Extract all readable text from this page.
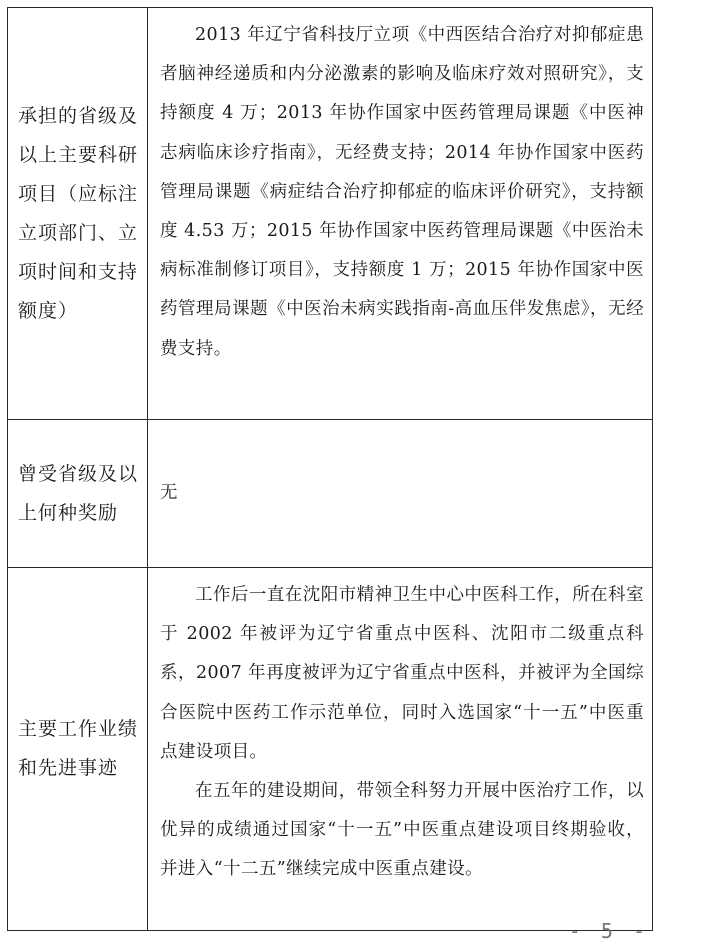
承担的省级及以上主要科研项目（应标注立项部门、立项时间和支持额度）	2013 年辽宁省科技厅立项《中西医结合治疗对抑郁症患者脑神经递质和内分泌激素的影响及临床疗效对照研究》，支持额度 4 万；2013 年协作国家中医药管理局课题《中医神志病临床诊疗指南》，无经费支持；2014 年协作国家中医药管理局课题《病症结合治疗抑郁症的临床评价研究》，支持额度 4.53 万；2015 年协作国家中医药管理局课题《中医治未病标准制修订项目》，支持额度 1 万；2015 年协作国家中医药管理局课题《中医治未病实践指南-高血压伴发焦虑》，无经费支持。

曾受省级及以上何种奖励	无

主要工作业绩和先进事迹	工作后一直在沈阳市精神卫生中心中医科工作，所在科室于 2002 年被评为辽宁省重点中医科、沈阳市二级重点科系，2007 年再度被评为辽宁省重点中医科，并被评为全国综合医院中医药工作示范单位，同时入选国家“十一五”中医重点建设项目。

在五年的建设期间，带领全科努力开展中医治疗工作，以优异的成绩通过国家“十一五”中医重点建设项目终期验收，并进入“十二五”继续完成中医重点建设。

- 5 -
